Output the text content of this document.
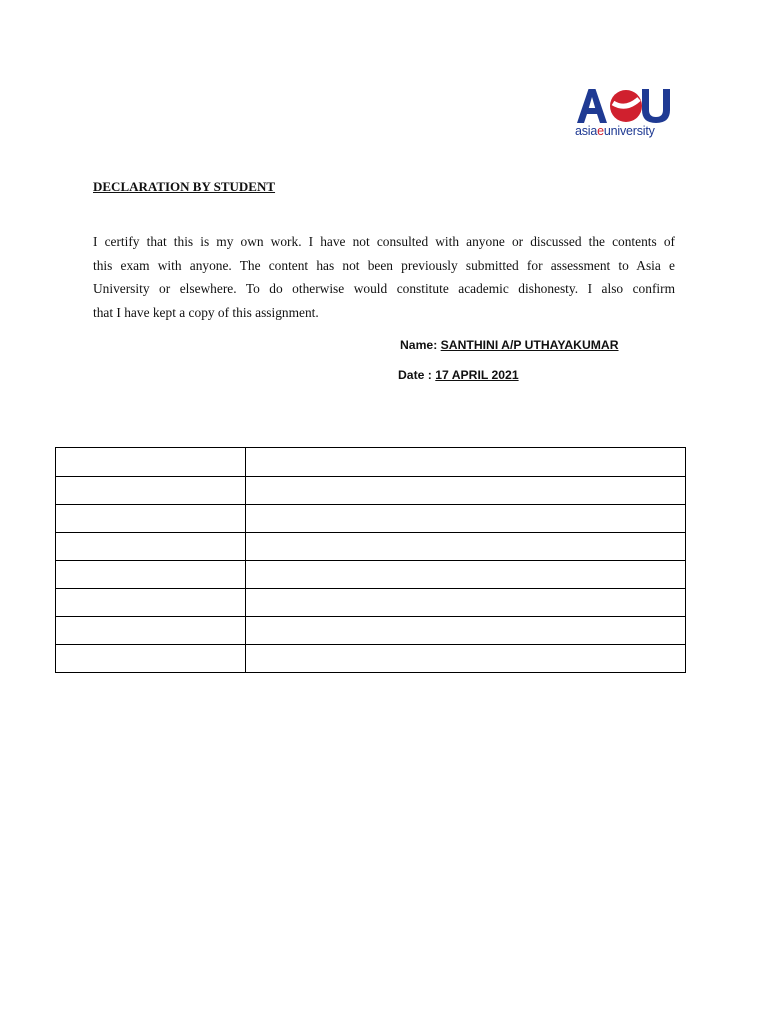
asiaeuniversity
DECLARATION BY STUDENT
I certify that this is my own work. I have not consulted with anyone or discussed the contents of
this exam with anyone. The content has not been previously submitted for assessment to Asia e
University or elsewhere. To do otherwise would constitute academic dishonesty. I also confirm
that I have kept a copy of this assignment.
Name: SANTHINI A/P UTHAYAKUMAR
Date : 17 APRIL 2021
